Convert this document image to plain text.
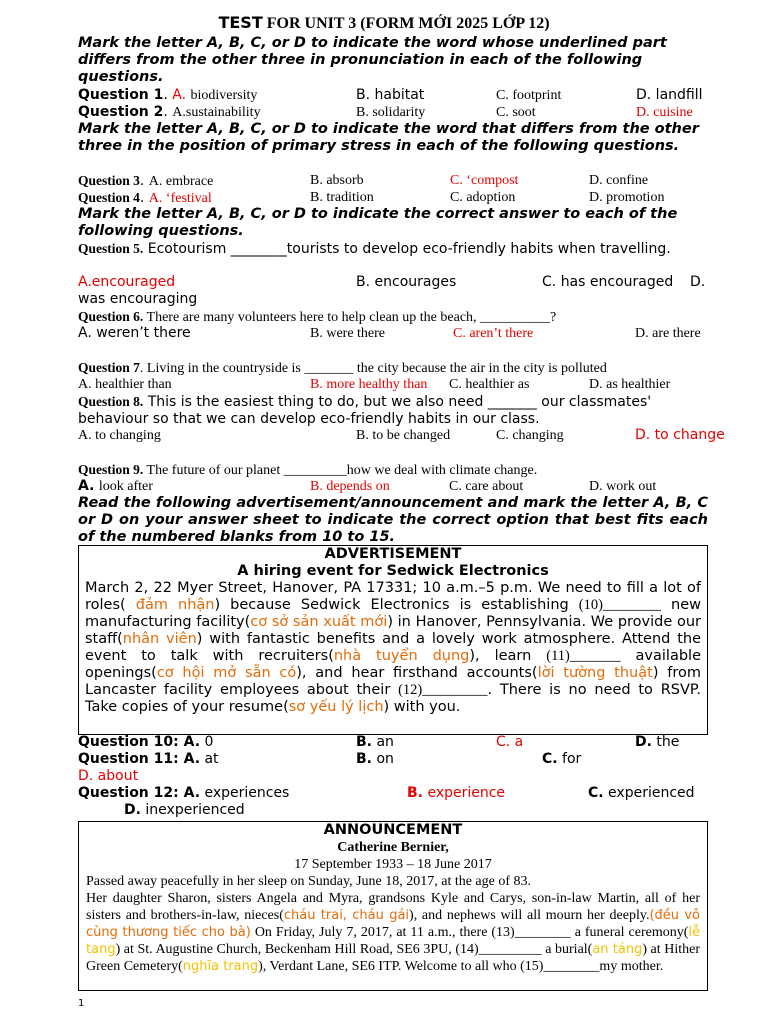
TEST FOR UNIT 3 (FORM MỚI 2025 LỚP 12)
Mark the letter A, B, C, or D to indicate the word whose underlined part differs from the other three in pronunciation in each of the following questions.
Question 1. A. biodiversity	B. habitat	C. footprint	D. landfill
Question 2. A.sustainability	B. solidarity	C. soot	D. cuisine
Mark the letter A, B, C, or D to indicate the word that differs from the other three in the position of primary stress in each of the following questions.
Question 3. A. embrace	B. absorb	C. ‘compost	D. confine
Question 4. A. ‘festival	B. tradition	C. adoption	D. promotion
Mark the letter A, B, C, or D to indicate the correct answer to each of the following questions.
Question 5. Ecotourism ________tourists to develop eco-friendly habits when travelling.
A.encouraged	B. encourages	C. has encouraged D.
was encouraging
Question 6. There are many volunteers here to help clean up the beach, __________?
A. weren’t there	B. were there	C. aren’t there	D. are there
Question 7. Living in the countryside is _______ the city because the air in the city is polluted
A. healthier than	B. more healthy than C. healthier as	D. as healthier
Question 8. This is the easiest thing to do, but we also need _______ our classmates' behaviour so that we can develop eco-friendly habits in our class.
A. to changing	B. to be changed	C. changing	D. to change
Question 9. The future of our planet _________how we deal with climate change.
A. look after	B. depends on	C. care about	D. work out
Read the following advertisement/announcement and mark the letter A, B, C or D on your answer sheet to indicate the correct option that best fits each of the numbered blanks from 10 to 15.
ADVERTISEMENT
A hiring event for Sedwick Electronics
March 2, 22 Myer Street, Hanover, PA 17331; 10 a.m.–5 p.m. We need to fill a lot of roles( đảm nhận) because Sedwick Electronics is establishing (10)________ new manufacturing facility(cơ sở sản xuất mới) in Hanover, Pennsylvania. We provide our staff(nhân viên) with fantastic benefits and a lovely work atmosphere. Attend the event to talk with recruiters(nhà tuyển dụng), learn (11)_______ available openings(cơ hội mở sẵn có), and hear firsthand accounts(lời tường thuật) from Lancaster facility employees about their (12)_________. There is no need to RSVP. Take copies of your resume(sơ yếu lý lịch) with you.
Question 10: A. 0	B. an	C. a	D. the
Question 11: A. at	B. on	C. for
D. about
Question 12: A. experiences	B. experience	C. experienced
D. inexperienced
ANNOUNCEMENT
Catherine Bernier,
17 September 1933 – 18 June 2017
Passed away peacefully in her sleep on Sunday, June 18, 2017, at the age of 83.
Her daughter Sharon, sisters Angela and Myra, grandsons Kyle and Carys, son-in-law Martin, all of her sisters and brothers-in-law, nieces(cháu trai, cháu gái), and nephews will all mourn her deeply.(đều vô cùng thương tiếc cho bà) On Friday, July 7, 2017, at 11 a.m., there (13)________ a funeral ceremony(lễ tang) at St. Augustine Church, Beckenham Hill Road, SE6 3PU, (14)_________ a burial(an táng) at Hither Green Cemetery(nghĩa trang), Verdant Lane, SE6 ITP. Welcome to all who (15)________my mother.
1
